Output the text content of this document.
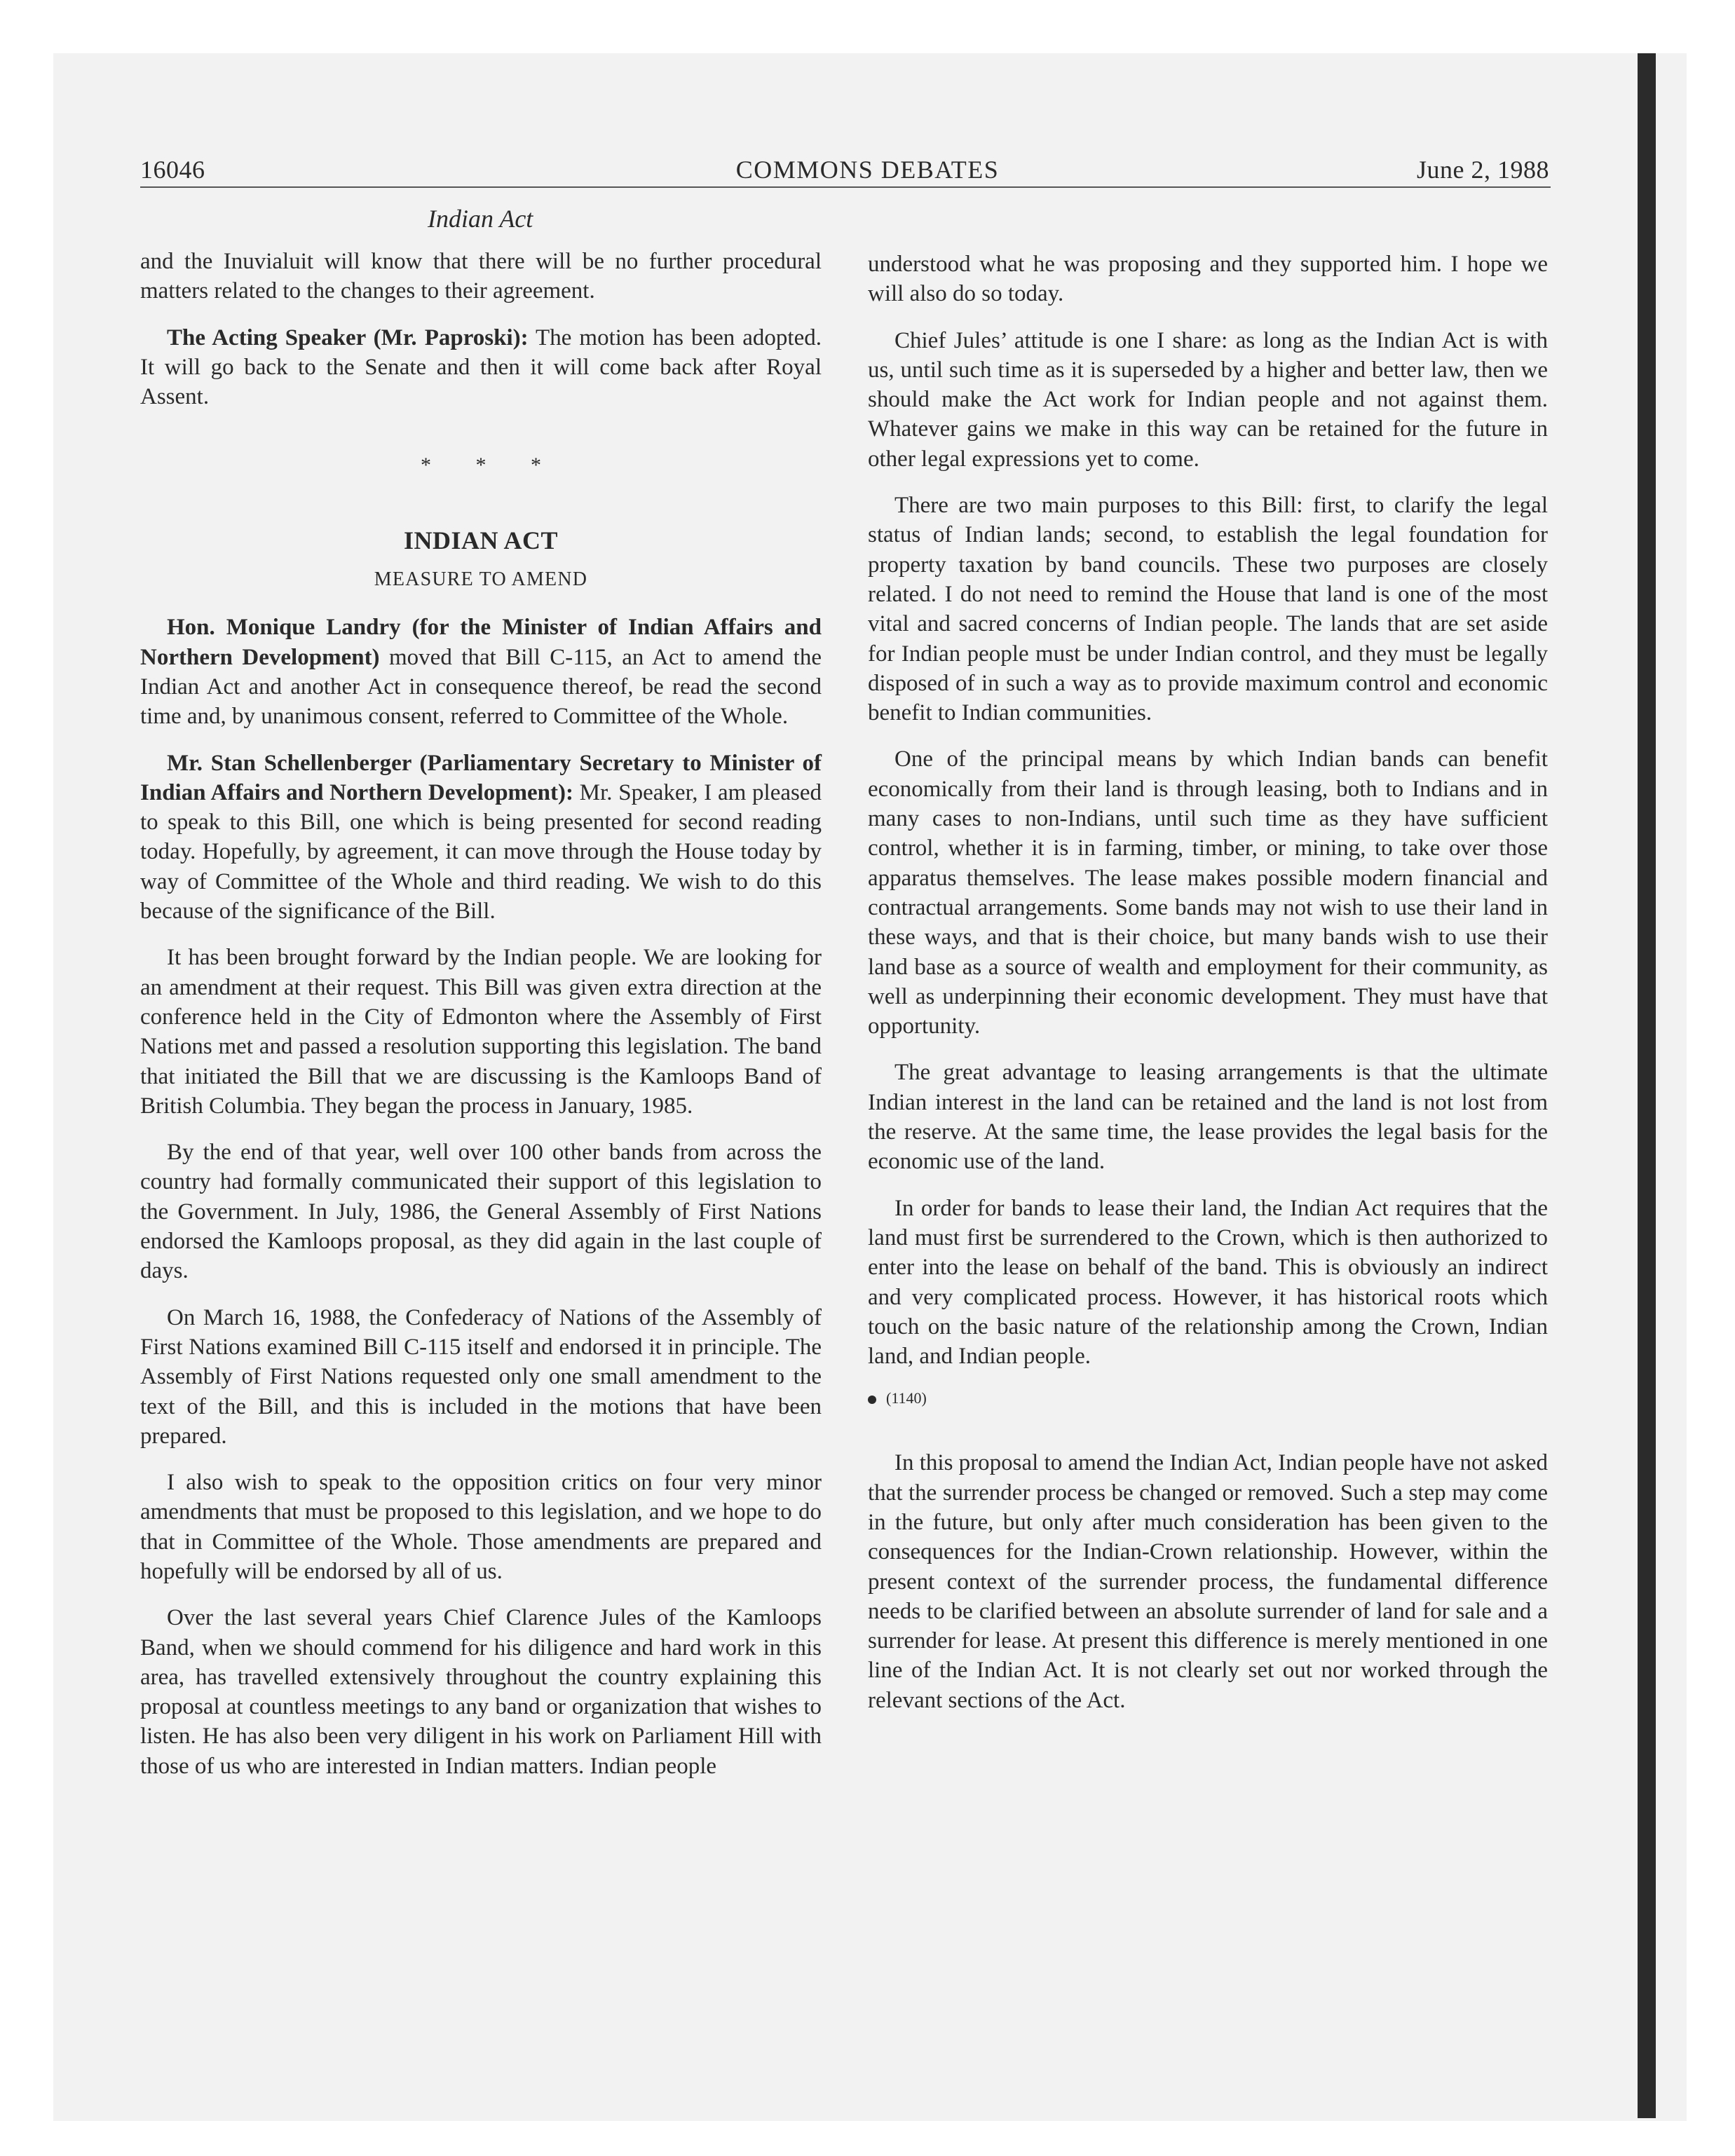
16046	COMMONS DEBATES	June 2, 1988
Indian Act

and the Inuvialuit will know that there will be no further procedural matters related to the changes to their agreement.

The Acting Speaker (Mr. Paproski): The motion has been adopted. It will go back to the Senate and then it will come back after Royal Assent.

* * *
INDIAN ACT
MEASURE TO AMEND

Hon. Monique Landry (for the Minister of Indian Affairs and Northern Development) moved that Bill C-115, an Act to amend the Indian Act and another Act in consequence thereof, be read the second time and, by unanimous consent, referred to Committee of the Whole.

Mr. Stan Schellenberger (Parliamentary Secretary to Minister of Indian Affairs and Northern Development): Mr. Speaker, I am pleased to speak to this Bill, one which is being presented for second reading today. Hopefully, by agreement, it can move through the House today by way of Committee of the Whole and third reading. We wish to do this because of the significance of the Bill.

It has been brought forward by the Indian people. We are looking for an amendment at their request. This Bill was given extra direction at the conference held in the City of Edmonton where the Assembly of First Nations met and passed a resolution supporting this legislation. The band that initiated the Bill that we are discussing is the Kamloops Band of British Columbia. They began the process in January, 1985.

By the end of that year, well over 100 other bands from across the country had formally communicated their support of this legislation to the Government. In July, 1986, the General Assembly of First Nations endorsed the Kamloops proposal, as they did again in the last couple of days.

On March 16, 1988, the Confederacy of Nations of the Assembly of First Nations examined Bill C-115 itself and endorsed it in principle. The Assembly of First Nations requested only one small amendment to the text of the Bill, and this is included in the motions that have been prepared.

I also wish to speak to the opposition critics on four very minor amendments that must be proposed to this legislation, and we hope to do that in Committee of the Whole. Those amendments are prepared and hopefully will be endorsed by all of us.

Over the last several years Chief Clarence Jules of the Kamloops Band, when we should commend for his diligence and hard work in this area, has travelled extensively throughout the country explaining this proposal at countless meetings to any band or organization that wishes to listen. He has also been very diligent in his work on Parliament Hill with those of us who are interested in Indian matters. Indian people

understood what he was proposing and they supported him. I hope we will also do so today.

Chief Jules’ attitude is one I share: as long as the Indian Act is with us, until such time as it is superseded by a higher and better law, then we should make the Act work for Indian people and not against them. Whatever gains we make in this way can be retained for the future in other legal expressions yet to come.

There are two main purposes to this Bill: first, to clarify the legal status of Indian lands; second, to establish the legal foundation for property taxation by band councils. These two purposes are closely related. I do not need to remind the House that land is one of the most vital and sacred concerns of Indian people. The lands that are set aside for Indian people must be under Indian control, and they must be legally disposed of in such a way as to provide maximum control and economic benefit to Indian communities.

One of the principal means by which Indian bands can benefit economically from their land is through leasing, both to Indians and in many cases to non-Indians, until such time as they have sufficient control, whether it is in farming, timber, or mining, to take over those apparatus themselves. The lease makes possible modern financial and contractual arrangements. Some bands may not wish to use their land in these ways, and that is their choice, but many bands wish to use their land base as a source of wealth and employment for their community, as well as underpinning their economic development. They must have that opportunity.

The great advantage to leasing arrangements is that the ultimate Indian interest in the land can be retained and the land is not lost from the reserve. At the same time, the lease provides the legal basis for the economic use of the land.

In order for bands to lease their land, the Indian Act requires that the land must first be surrendered to the Crown, which is then authorized to enter into the lease on behalf of the band. This is obviously an indirect and very complicated process. However, it has historical roots which touch on the basic nature of the relationship among the Crown, Indian land, and Indian people.

(1140)

In this proposal to amend the Indian Act, Indian people have not asked that the surrender process be changed or removed. Such a step may come in the future, but only after much consideration has been given to the consequences for the Indian-Crown relationship. However, within the present context of the surrender process, the fundamental difference needs to be clarified between an absolute surrender of land for sale and a surrender for lease. At present this difference is merely mentioned in one line of the Indian Act. It is not clearly set out nor worked through the relevant sections of the Act.
